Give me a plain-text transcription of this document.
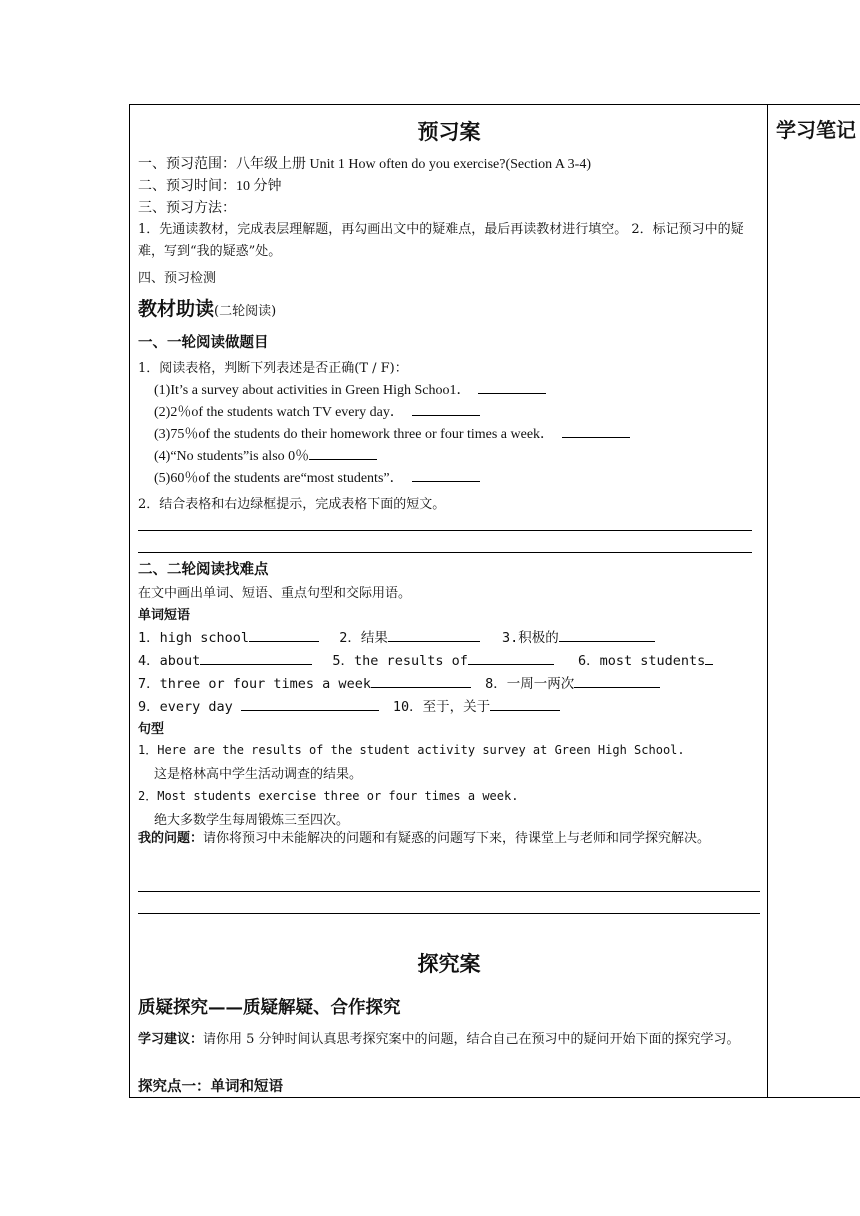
学习笔记
预习案
一、预习范围：八年级上册 Unit 1 How often do you exercise?(Section A 3-4)
二、预习时间：10 分钟
三、预习方法：
1．先通读教材，完成表层理解题，再勾画出文中的疑难点，最后再读教材进行填空。 2．标记预习中的疑难，写到“我的疑惑”处。
四、预习检测
教材助读(二轮阅读)
一、一轮阅读做题目
1．阅读表格，判断下列表述是否正确(T / F)：
(1)It’s a survey about activities in Green High Schoo1．
(2)2％of the students watch TV every day．
(3)75％of the students do their homework three or four times a week．
(4)“No students”is also 0％
(5)60％of the students are“most students”．
2．结合表格和右边绿框提示，完成表格下面的短文。
二、二轮阅读找难点
在文中画出单词、短语、重点句型和交际用语。
单词短语
1．high school	2．结果	3.积极的
4．about	5．the results of	6．most students
7．three or four times a week	8．一周一两次
9．every day	10．至于，关于
句型
1．Here are the results of the student activity survey at Green High School.
这是格林高中学生活动调查的结果。
2．Most students exercise three or four times a week.
绝大多数学生每周锻炼三至四次。
我的问题：请你将预习中未能解决的问题和有疑惑的问题写下来，待课堂上与老师和同学探究解决。
探究案
质疑探究——质疑解疑、合作探究
学习建议：请你用 5 分钟时间认真思考探究案中的问题，结合自己在预习中的疑问开始下面的探究学习。
探究点一：单词和短语
